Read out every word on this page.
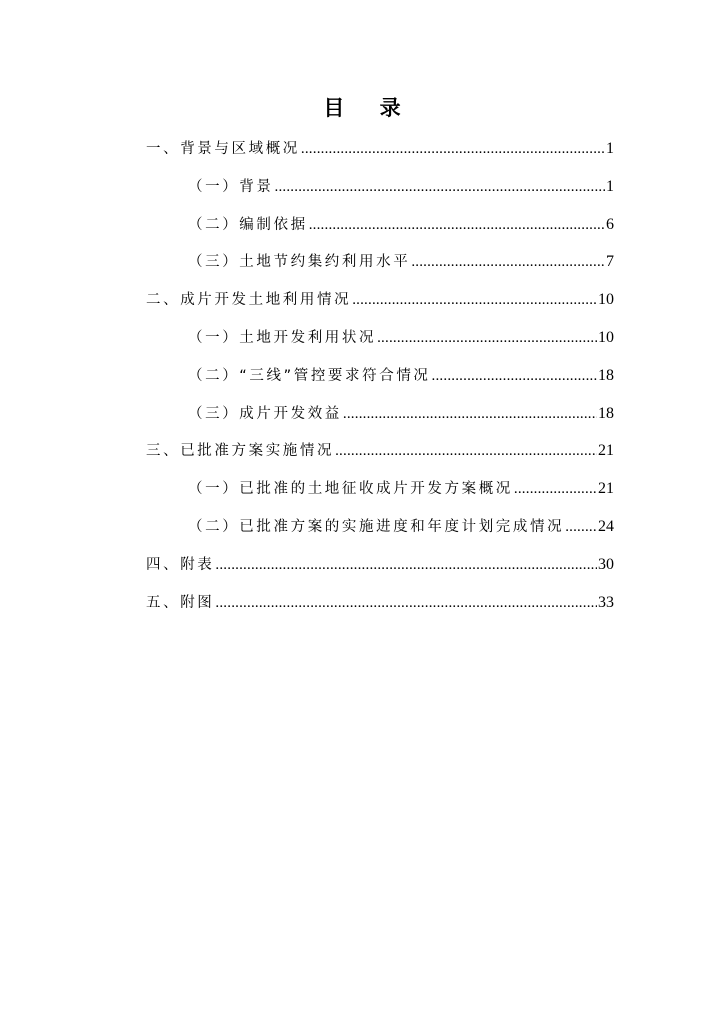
目 录
一、背景与区域概况 .....	1
（一）背景 .....	1
（二）编制依据 .....	6
（三）土地节约集约利用水平 .....	7
二、成片开发土地利用情况 .....	10
（一）土地开发利用状况 .....	10
（二）“三线”管控要求符合情况 .....	18
（三）成片开发效益 .....	18
三、已批准方案实施情况 .....	21
（一）已批准的土地征收成片开发方案概况 .....	21
（二）已批准方案的实施进度和年度计划完成情况 ..... 24
四、附表 .....	30
五、附图 .....	33
